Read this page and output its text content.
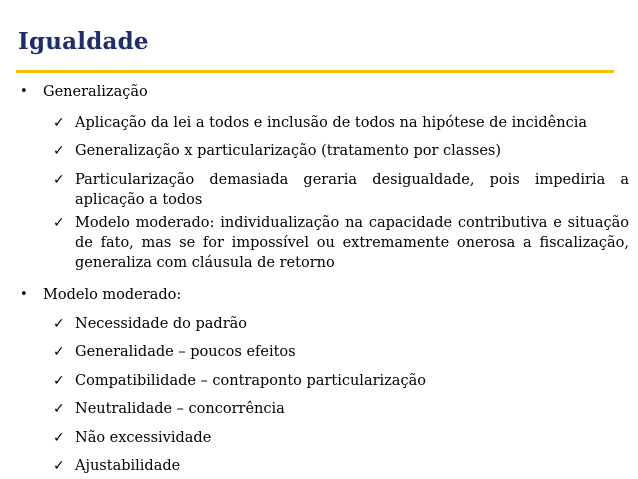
Igualdade
• Generalização
✓ Aplicação da lei a todos e inclusão de todos na hipótese de incidência
✓ Generalização x particularização (tratamento por classes)
✓ Particularização demasiada geraria desigualdade, pois impediria a aplicação a todos
✓ Modelo moderado: individualização na capacidade contributiva e situação de fato, mas se for impossível ou extremamente onerosa a fiscalização, generaliza com cláusula de retorno
• Modelo moderado:
✓ Necessidade do padrão
✓ Generalidade – poucos efeitos
✓ Compatibilidade – contraponto particularização
✓ Neutralidade – concorrência
✓ Não excessividade
✓ Ajustabilidade
